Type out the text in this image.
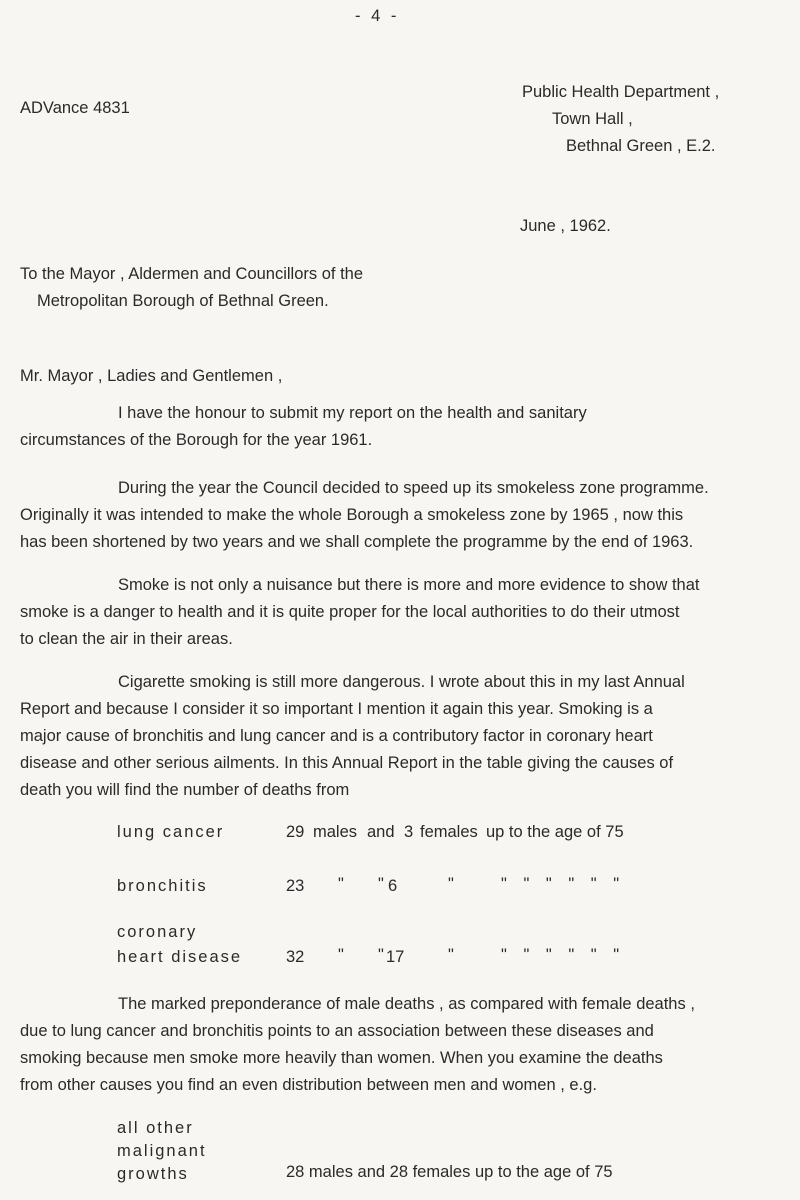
- 4 -
ADVance 4831
Public Health Department ,
Town Hall ,
Bethnal Green , E.2.
June , 1962.
To the Mayor , Aldermen and Councillors of the
Metropolitan Borough of Bethnal Green.
Mr. Mayor , Ladies and Gentlemen ,
I have the honour to submit my report on the health and sanitary
circumstances of the Borough for the year 1961.
During the year the Council decided to speed up its smokeless zone programme.
Originally it was intended to make the whole Borough a smokeless zone by 1965 , now this
has been shortened by two years and we shall complete the programme by the end of 1963.
Smoke is not only a nuisance but there is more and more evidence to show that
smoke is a danger to health and it is quite proper for the local authorities to do their utmost
to clean the air in their areas.
Cigarette smoking is still more dangerous. I wrote about this in my last Annual
Report and because I consider it so important I mention it again this year. Smoking is a
major cause of bronchitis and lung cancer and is a contributory factor in coronary heart
disease and other serious ailments. In this Annual Report in the table giving the causes of
death you will find the number of deaths from
lung cancer	29 males and 3 females up to the age of 75
bronchitis	23 " " 6	"	" " " " " "
coronary
heart disease	32 " " 17	"	" " " " " "
The marked preponderance of male deaths , as compared with female deaths ,
due to lung cancer and bronchitis points to an association between these diseases and
smoking because men smoke more heavily than women. When you examine the deaths
from other causes you find an even distribution between men and women , e.g.
all other
malignant
growths	28 males and 28 females up to the age of 75
